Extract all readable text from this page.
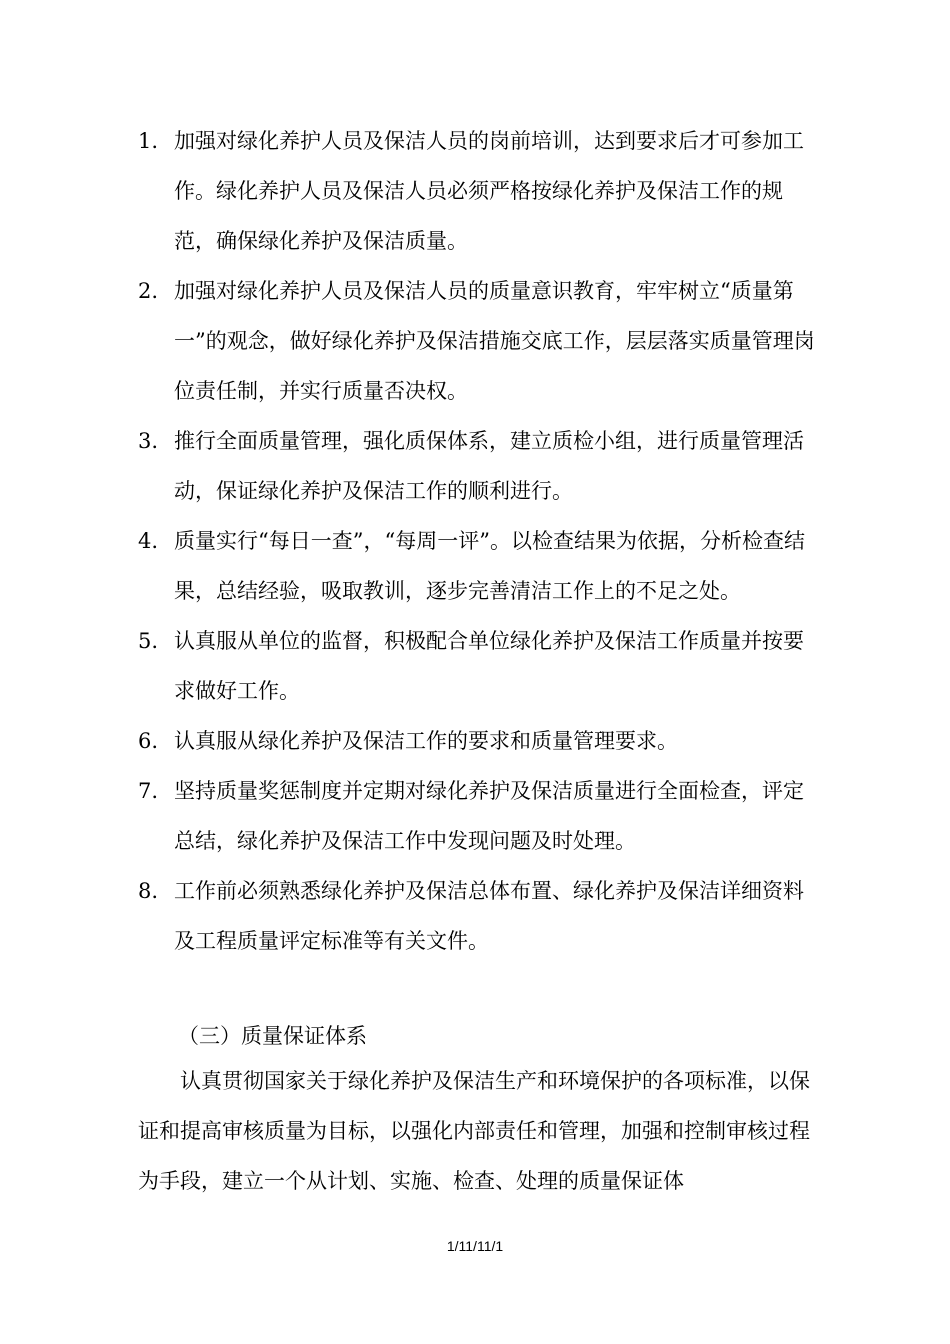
1. 加强对绿化养护人员及保洁人员的岗前培训，达到要求后才可参加工作。绿化养护人员及保洁人员必须严格按绿化养护及保洁工作的规范，确保绿化养护及保洁质量。
2. 加强对绿化养护人员及保洁人员的质量意识教育，牢牢树立“质量第一”的观念，做好绿化养护及保洁措施交底工作，层层落实质量管理岗位责任制，并实行质量否决权。
3. 推行全面质量管理，强化质保体系，建立质检小组，进行质量管理活动，保证绿化养护及保洁工作的顺利进行。
4. 质量实行“每日一查”，“每周一评”。以检查结果为依据，分析检查结果，总结经验，吸取教训，逐步完善清洁工作上的不足之处。
5. 认真服从单位的监督，积极配合单位绿化养护及保洁工作质量并按要求做好工作。
6. 认真服从绿化养护及保洁工作的要求和质量管理要求。
7. 坚持质量奖惩制度并定期对绿化养护及保洁质量进行全面检查，评定总结，绿化养护及保洁工作中发现问题及时处理。
8. 工作前必须熟悉绿化养护及保洁总体布置、绿化养护及保洁详细资料及工程质量评定标准等有关文件。
（三）质量保证体系

认真贯彻国家关于绿化养护及保洁生产和环境保护的各项标准，以保证和提高审核质量为目标，以强化内部责任和管理，加强和控制审核过程为手段，建立一个从计划、实施、检查、处理的质量保证体

1/11/11/1
